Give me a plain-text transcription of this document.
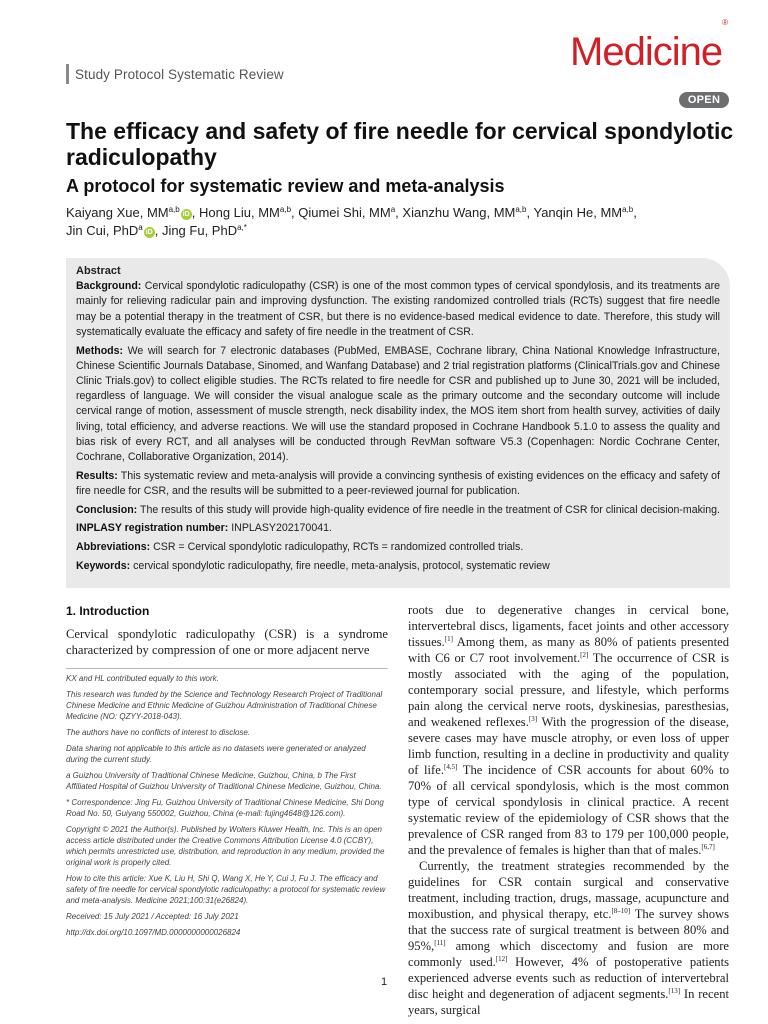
Study Protocol Systematic Review	Medicine®
OPEN
The efficacy and safety of fire needle for cervical spondylotic radiculopathy
A protocol for systematic review and meta-analysis
Kaiyang Xue, MM$^{a,b}$iD , Hong Liu, MM$^{a,b}$, Qiumei Shi, $MM^a$, Xianzhu Wang, MM$^{a,b}$, Yanqin He, MM$^{a,b}$,
Jin Cui, PhD$^a$iD , Jing Fu, PhD$^{a,*}$
Abstract

Background: Cervical spondylotic radiculopathy (CSR) is one of the most common types of cervical spondylosis, and its treatments are mainly for relieving radicular pain and improving dysfunction. The existing randomized controlled trials (RCTs) suggest that fire needle may be a potential therapy in the treatment of CSR, but there is no evidence-based medical evidence to date. Therefore, this study will systematically evaluate the efficacy and safety of fire needle in the treatment of CSR.

Methods: We will search for 7 electronic databases (PubMed, EMBASE, Cochrane library, China National Knowledge Infrastructure, Chinese Scientific Journals Database, Sinomed, and Wanfang Database) and 2 trial registration platforms (ClinicalTrials.gov and Chinese Clinic Trials.gov) to collect eligible studies. The RCTs related to fire needle for CSR and published up to June 30, 2021 will be included, regardless of language. We will consider the visual analogue scale as the primary outcome and the secondary outcome will include cervical range of motion, assessment of muscle strength, neck disability index, the MOS item short from health survey, activities of daily living, total efficiency, and adverse reactions. We will use the standard proposed in Cochrane Handbook 5.1.0 to assess the quality and bias risk of every RCT, and all analyses will be conducted through RevMan software V5.3 (Copenhagen: Nordic Cochrane Center, Cochrane, Collaborative Organization, 2014).

Results: This systematic review and meta-analysis will provide a convincing synthesis of existing evidences on the efficacy and safety of fire needle for CSR, and the results will be submitted to a peer-reviewed journal for publication.

Conclusion: The results of this study will provide high-quality evidence of fire needle in the treatment of CSR for clinical decision-making.

INPLASY registration number: INPLASY202170041.

Abbreviations: CSR = Cervical spondylotic radiculopathy, RCTs = randomized controlled trials.

Keywords: cervical spondylotic radiculopathy, fire needle, meta-analysis, protocol, systematic review

1. Introduction

Cervical spondylotic radiculopathy (CSR) is a syndrome characterized by compression of one or more adjacent nerve

KX and HL contributed equally to this work.

This research was funded by the Science and Technology Research Project of Traditional Chinese Medicine and Ethnic Medicine of Guizhou Administration of Traditional Chinese Medicine (NO: QZYY-2018-043).

The authors have no conflicts of interest to disclose.

Data sharing not applicable to this article as no datasets were generated or analyzed during the current study.

a Guizhou University of Traditional Chinese Medicine, Guizhou, China, b The First Affiliated Hospital of Guizhou University of Traditional Chinese Medicine, Guizhou, China.

* Correspondence: Jing Fu, Guizhou University of Traditional Chinese Medicine, Shi Dong Road No. 50, Guiyang 550002, Guizhou, China (e-mail: fujing4648@126.com).

Copyright © 2021 the Author(s). Published by Wolters Kluwer Health, Inc. This is an open access article distributed under the Creative Commons Attribution License 4.0 (CCBY), which permits unrestricted use, distribution, and reproduction in any medium, provided the original work is properly cited.

How to cite this article: Xue K, Liu H, Shi Q, Wang X, He Y, Cui J, Fu J. The efficacy and safety of fire needle for cervical spondylotic radiculopathy: a protocol for systematic review and meta-analysis. Medicine 2021;100:31(e26824).

Received: 15 July 2021 / Accepted: 16 July 2021

http://dx.doi.org/10.1097/MD.0000000000026824

roots due to degenerative changes in cervical bone, intervertebral discs, ligaments, facet joints and other accessory tissues.[1] Among them, as many as 80% of patients presented with C6 or C7 root involvement.[2] The occurrence of CSR is mostly associated with the aging of the population, contemporary social pressure, and lifestyle, which performs pain along the cervical nerve roots, dyskinesias, paresthesias, and weakened reflexes.[3] With the progression of the disease, severe cases may have muscle atrophy, or even loss of upper limb function, resulting in a decline in productivity and quality of life.[4,5] The incidence of CSR accounts for about 60% to 70% of all cervical spondylosis, which is the most common type of cervical spondylosis in clinical practice. A recent systematic review of the epidemiology of CSR shows that the prevalence of CSR ranged from 83 to 179 per 100,000 people, and the prevalence of females is higher than that of males.[6,7]

Currently, the treatment strategies recommended by the guidelines for CSR contain surgical and conservative treatment, including traction, drugs, massage, acupuncture and moxibustion, and physical therapy, etc.[8–10] The survey shows that the success rate of surgical treatment is between 80% and 95%,[11] among which discectomy and fusion are more commonly used.[12] However, 4% of postoperative patients experienced adverse events such as reduction of intervertebral disc height and degeneration of adjacent segments.[13] In recent years, surgical

1
